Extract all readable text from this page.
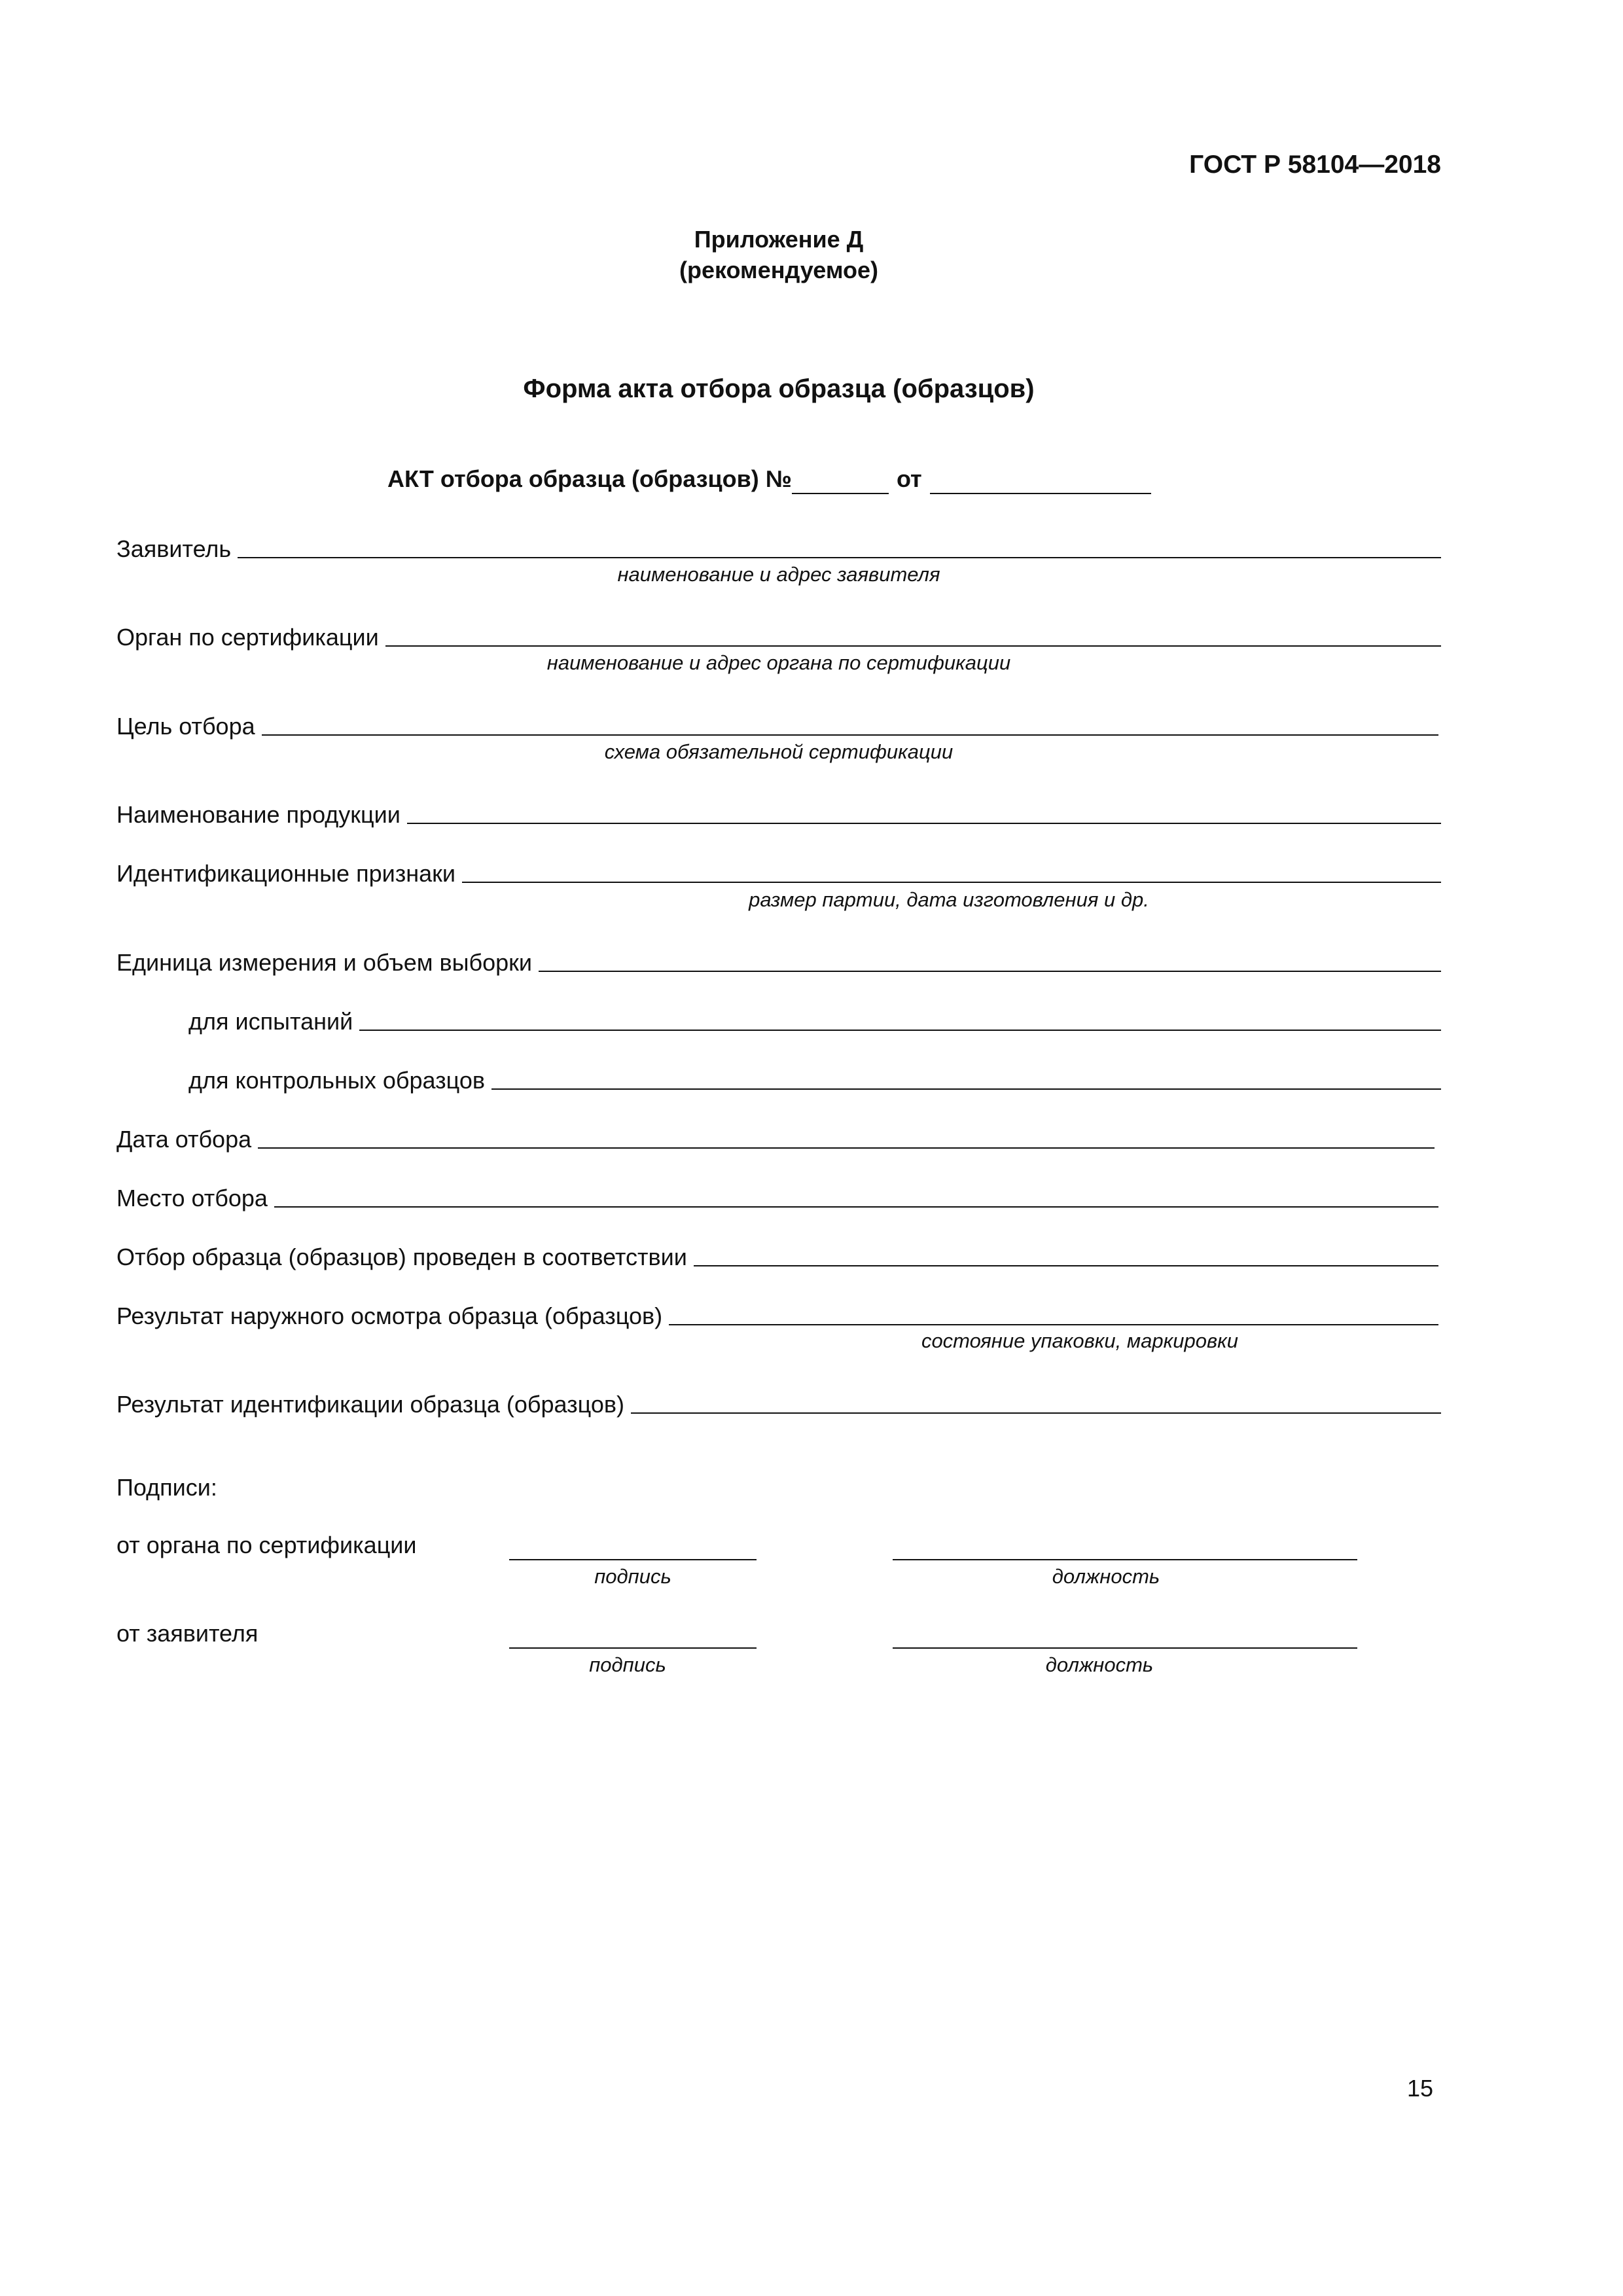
ГОСТ Р 58104—2018
Приложение Д
(рекомендуемое)
Форма акта отбора образца (образцов)
АКТ отбора образца (образцов) №	от
Заявитель
наименование и адрес заявителя
Орган по сертификации
наименование и адрес органа по сертификации
Цель отбора
схема обязательной сертификации
Наименование продукции
Идентификационные признаки
размер партии, дата изготовления и др.
Единица измерения и объем выборки
для испытаний
для контрольных образцов
Дата отбора
Место отбора
Отбор образца (образцов) проведен в соответствии
Результат наружного осмотра образца (образцов)
состояние упаковки, маркировки
Результат идентификации образца (образцов)
Подписи:
от органа по сертификации
подпись	должность
от заявителя
подпись	должность
15
